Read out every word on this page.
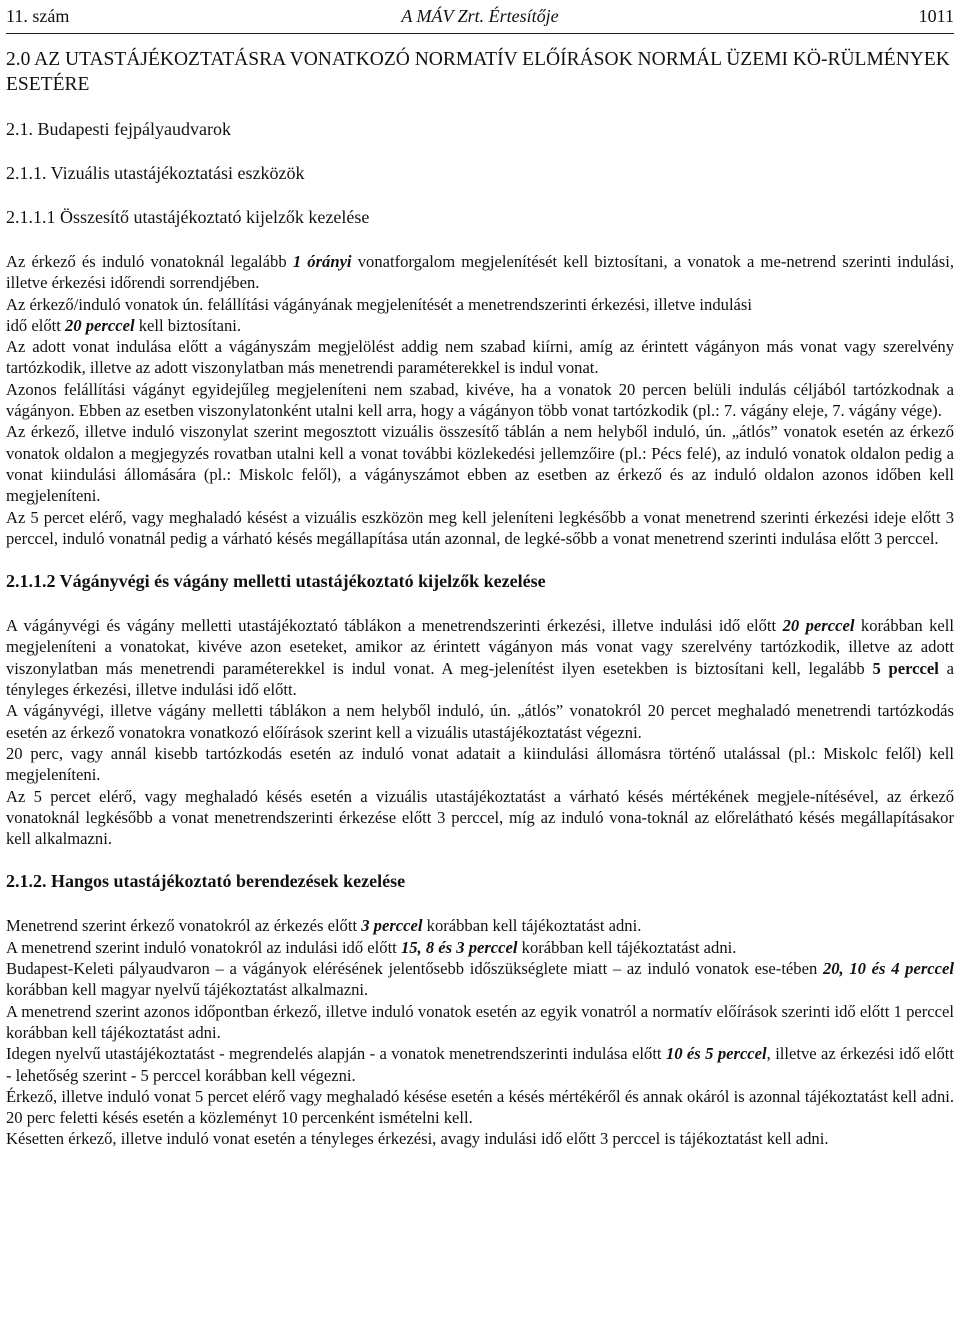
11. szám	A MÁV Zrt. Értesítője	1011
2.0 AZ UTASTÁJÉKOZTATÁSRA VONATKOZÓ NORMATÍV ELŐÍRÁSOK NORMÁL ÜZEMI KÖ-RÜLMÉNYEK ESETÉRE
2.1. Budapesti fejpályaudvarok
2.1.1. Vizuális utastájékoztatási eszközök
2.1.1.1 Összesítő utastájékoztató kijelzők kezelése

Az érkező és induló vonatoknál legalább 1 órányi vonatforgalom megjelenítését kell biztosítani, a vonatok a me-netrend szerinti indulási, illetve érkezési időrendi sorrendjében.

Az érkező/induló vonatok ún. felállítási vágányának megjelenítését a menetrendszerinti érkezési, illetve indulási
idő előtt 20 perccel kell biztosítani.

Az adott vonat indulása előtt a vágányszám megjelölést addig nem szabad kiírni, amíg az érintett vágányon más vonat vagy szerelvény tartózkodik, illetve az adott viszonylatban más menetrendi paraméterekkel is indul vonat.

Azonos felállítási vágányt egyidejűleg megjeleníteni nem szabad, kivéve, ha a vonatok 20 percen belüli indulás céljából tartózkodnak a vágányon. Ebben az esetben viszonylatonként utalni kell arra, hogy a vágányon több vonat tartózkodik (pl.: 7. vágány eleje, 7. vágány vége).

Az érkező, illetve induló viszonylat szerint megosztott vizuális összesítő táblán a nem helyből induló, ún. „átlós” vonatok esetén az érkező vonatok oldalon a megjegyzés rovatban utalni kell a vonat további közlekedési jellemzőire (pl.: Pécs felé), az induló vonatok oldalon pedig a vonat kiindulási állomására (pl.: Miskolc felől), a vágányszámot ebben az esetben az érkező és az induló oldalon azonos időben kell megjeleníteni.

Az 5 percet elérő, vagy meghaladó késést a vizuális eszközön meg kell jeleníteni legkésőbb a vonat menetrend szerinti érkezési ideje előtt 3 perccel, induló vonatnál pedig a várható késés megállapítása után azonnal, de legké-sőbb a vonat menetrend szerinti indulása előtt 3 perccel.

2.1.1.2 Vágányvégi és vágány melletti utastájékoztató kijelzők kezelése

A vágányvégi és vágány melletti utastájékoztató táblákon a menetrendszerinti érkezési, illetve indulási idő előtt 20 perccel korábban kell megjeleníteni a vonatokat, kivéve azon eseteket, amikor az érintett vágányon más vonat vagy szerelvény tartózkodik, illetve az adott viszonylatban más menetrendi paraméterekkel is indul vonat. A meg-jelenítést ilyen esetekben is biztosítani kell, legalább 5 perccel a tényleges érkezési, illetve indulási idő előtt.

A vágányvégi, illetve vágány melletti táblákon a nem helyből induló, ún. „átlós” vonatokról 20 percet meghaladó menetrendi tartózkodás esetén az érkező vonatokra vonatkozó előírások szerint kell a vizuális utastájékoztatást végezni.

20 perc, vagy annál kisebb tartózkodás esetén az induló vonat adatait a kiindulási állomásra történő utalással (pl.: Miskolc felől) kell megjeleníteni.

Az 5 percet elérő, vagy meghaladó késés esetén a vizuális utastájékoztatást a várható késés mértékének megjele-nítésével, az érkező vonatoknál legkésőbb a vonat menetrendszerinti érkezése előtt 3 perccel, míg az induló vona-toknál az előrelátható késés megállapításakor kell alkalmazni.

2.1.2. Hangos utastájékoztató berendezések kezelése

Menetrend szerint érkező vonatokról az érkezés előtt 3 perccel korábban kell tájékoztatást adni.

A menetrend szerint induló vonatokról az indulási idő előtt 15, 8 és 3 perccel korábban kell tájékoztatást adni.

Budapest-Keleti pályaudvaron – a vágányok elérésének jelentősebb időszükséglete miatt – az induló vonatok ese-tében 20, 10 és 4 perccel korábban kell magyar nyelvű tájékoztatást alkalmazni.

A menetrend szerint azonos időpontban érkező, illetve induló vonatok esetén az egyik vonatról a normatív előírások szerinti idő előtt 1 perccel korábban kell tájékoztatást adni.

Idegen nyelvű utastájékoztatást - megrendelés alapján - a vonatok menetrendszerinti indulása előtt 10 és 5 perccel, illetve az érkezési idő előtt - lehetőség szerint - 5 perccel korábban kell végezni.

Érkező, illetve induló vonat 5 percet elérő vagy meghaladó késése esetén a késés mértékéről és annak okáról is azonnal tájékoztatást kell adni. 20 perc feletti késés esetén a közleményt 10 percenként ismételni kell.

Késetten érkező, illetve induló vonat esetén a tényleges érkezési, avagy indulási idő előtt 3 perccel is tájékoztatást kell adni.
